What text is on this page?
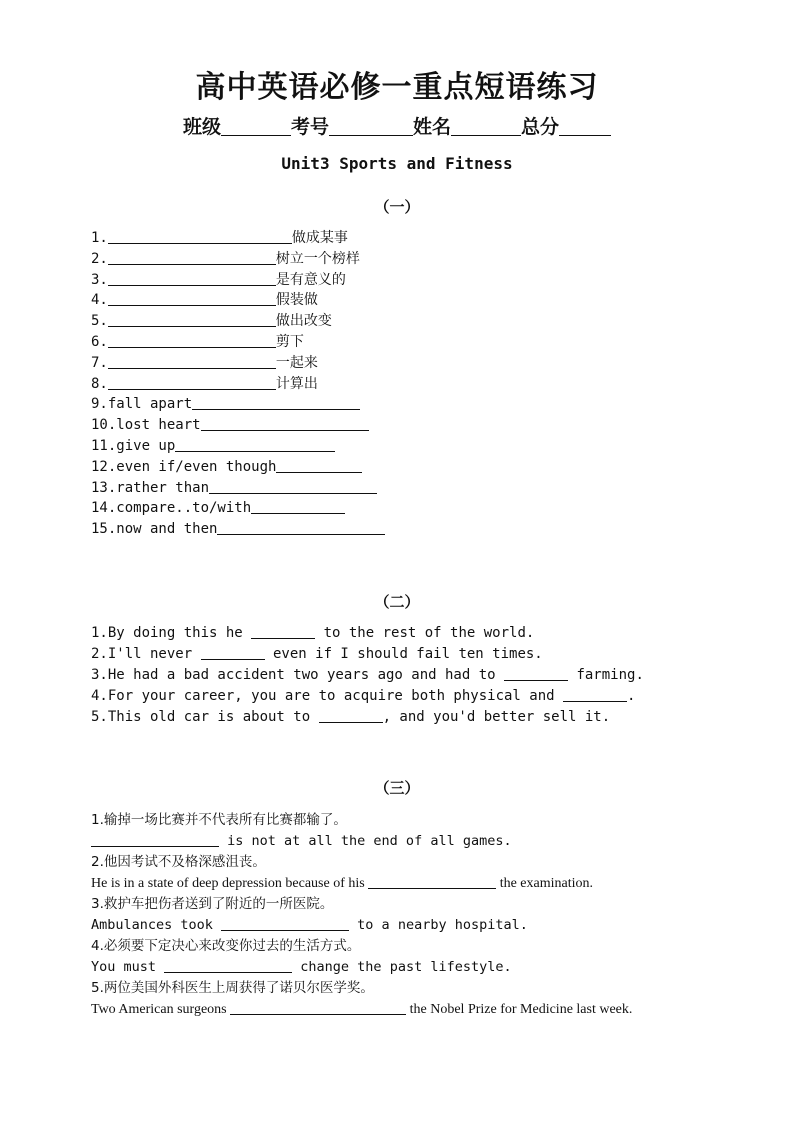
高中英语必修一重点短语练习
班级	考号	姓名	总分
Unit3 Sports and Fitness
（一）
1.	做成某事
2.	树立一个榜样
3.	是有意义的
4.	假装做
5.	做出改变
6.	剪下
7.	一起来
8.	计算出
9.fall apart
10.lost heart
11.give up
12.even if/even though
13.rather than
14.compare..to/with
15.now and then
（二）
1.By doing this he	to the rest of the world.
2.I'll never	even if I should fail ten times.
3.He had a bad accident two years ago and had to	farming.
4.For your career, you are to acquire both physical and	.
5.This old car is about to	, and you'd better sell it.
（三）
1.输掉一场比赛并不代表所有比赛都输了。
is not at all the end of all games.
2.他因考试不及格深感沮丧。
He is in a state of deep depression because of his	the examination.
3.救护车把伤者送到了附近的一所医院。
Ambulances took	to a nearby hospital.
4.必须要下定决心来改变你过去的生活方式。
You must	change the past lifestyle.
5.两位美国外科医生上周获得了诺贝尔医学奖。
Two American surgeons	the Nobel Prize for Medicine last week.
